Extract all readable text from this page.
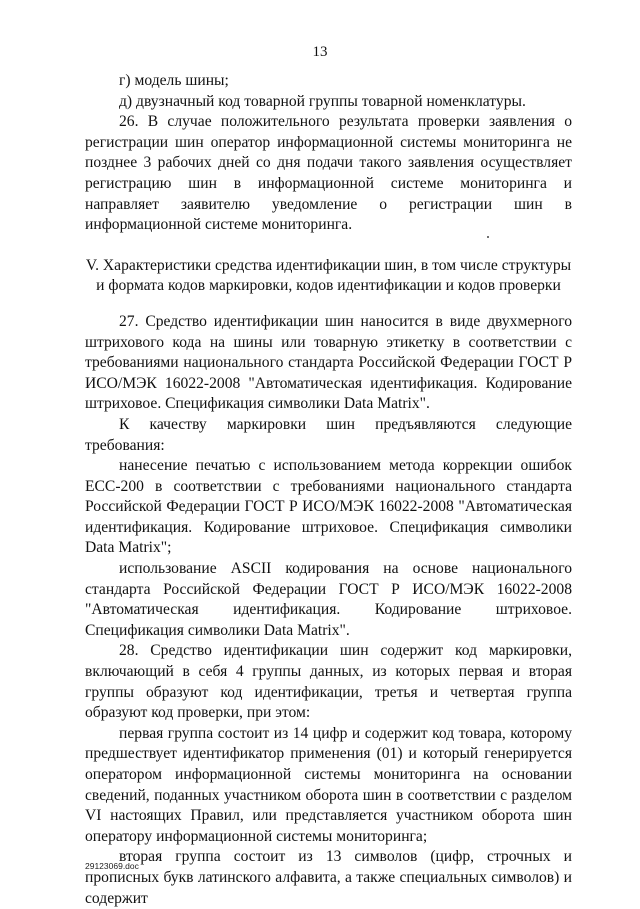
13

г) модель шины;

д) двузначный код товарной группы товарной номенклатуры.

26. В случае положительного результата проверки заявления о регистрации шин оператор информационной системы мониторинга не позднее 3 рабочих дней со дня подачи такого заявления осуществляет регистрацию шин в информационной системе мониторинга и направляет заявителю уведомление о регистрации шин в информационной системе мониторинга.

V. Характеристики средства идентификации шин, в том числе структуры

и формата кодов маркировки, кодов идентификации и кодов проверки

27. Средство идентификации шин наносится в виде двухмерного штрихового кода на шины или товарную этикетку в соответствии с требованиями национального стандарта Российской Федерации ГОСТ Р ИСО/МЭК 16022-2008 "Автоматическая идентификация. Кодирование штриховое. Спецификация символики Data Matrix".

К качеству маркировки шин предъявляются следующие требования:

нанесение печатью с использованием метода коррекции ошибок ЕСС-200 в соответствии с требованиями национального стандарта Российской Федерации ГОСТ Р ИСО/МЭК 16022-2008 "Автоматическая идентификация. Кодирование штриховое. Спецификация символики Data Matrix";

использование ASCII кодирования на основе национального стандарта Российской Федерации ГОСТ Р ИСО/МЭК 16022-2008 "Автоматическая идентификация. Кодирование штриховое. Спецификация символики Data Matrix".

28. Средство идентификации шин содержит код маркировки, включающий в себя 4 группы данных, из которых первая и вторая группы образуют код идентификации, третья и четвертая группа образуют код проверки, при этом:

первая группа состоит из 14 цифр и содержит код товара, которому предшествует идентификатор применения (01) и который генерируется оператором информационной системы мониторинга на основании сведений, поданных участником оборота шин в соответствии с разделом VI настоящих Правил, или представляется участником оборота шин оператору информационной системы мониторинга;

вторая группа состоит из 13 символов (цифр, строчных и прописных букв латинского алфавита, а также специальных символов) и содержит

29123069.doc
